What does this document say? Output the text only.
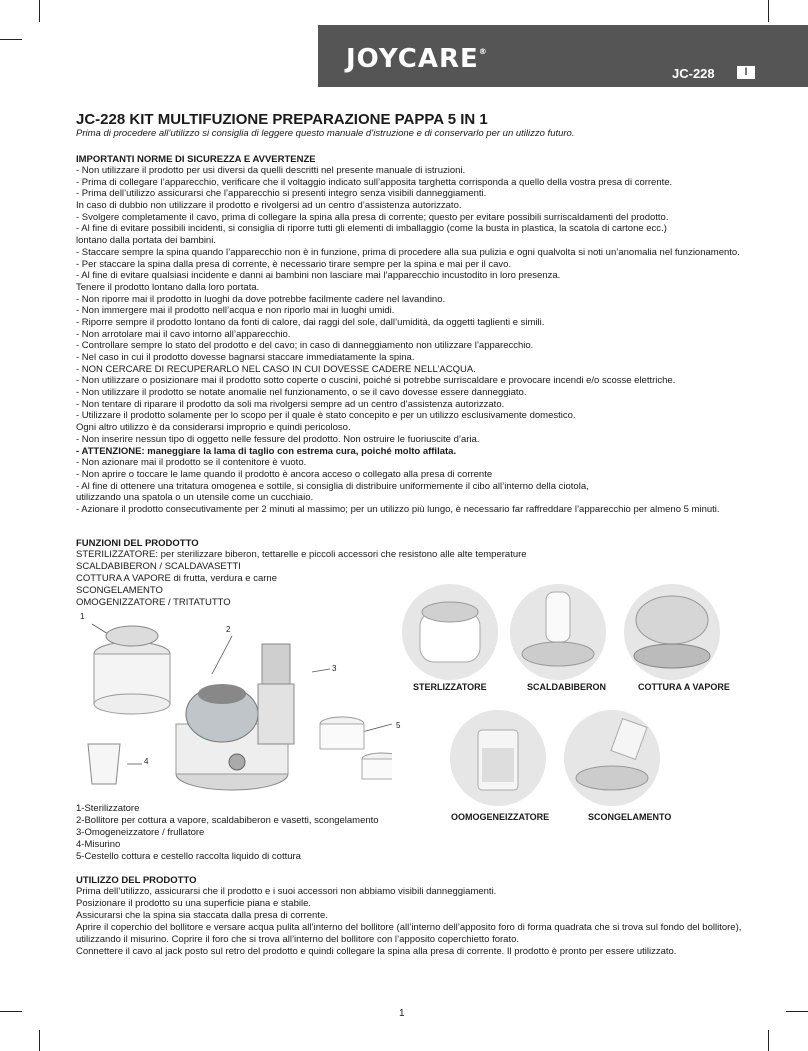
JOYCARE®
JC-228	I
JC-228 KIT MULTIFUZIONE PREPARAZIONE PAPPA 5 IN 1
Prima di procedere all’utilizzo si consiglia di leggere questo manuale d’istruzione e di conservarlo per un utilizzo futuro.
IMPORTANTI NORME DI SICUREZZA E AVVERTENZE
- Non utilizzare il prodotto per usi diversi da quelli descritti nel presente manuale di istruzioni.
- Prima di collegare l’apparecchio, verificare che il voltaggio indicato sull’apposita targhetta corrisponda a quello della vostra presa di corrente.
- Prima dell’utilizzo assicurarsi che l’apparecchio si presenti integro senza visibili danneggiamenti.
In caso di dubbio non utilizzare il prodotto e rivolgersi ad un centro d’assistenza autorizzato.
- Svolgere completamente il cavo, prima di collegare la spina alla presa di corrente; questo per evitare possibili surriscaldamenti del prodotto.
- Al fine di evitare possibili incidenti, si consiglia di riporre tutti gli elementi di imballaggio (come la busta in plastica, la scatola di cartone ecc.)
lontano dalla portata dei bambini.
- Staccare sempre la spina quando l’apparecchio non è in funzione, prima di procedere alla sua pulizia e ogni qualvolta si noti un’anomalia nel funzionamento.
- Per staccare la spina dalla presa di corrente, è necessario tirare sempre per la spina e mai per il cavo.
- Al fine di evitare qualsiasi incidente e danni ai bambini non lasciare mai l’apparecchio incustodito in loro presenza.
Tenere il prodotto lontano dalla loro portata.
- Non riporre mai il prodotto in luoghi da dove potrebbe facilmente cadere nel lavandino.
- Non immergere mai il prodotto nell’acqua e non riporlo mai in luoghi umidi.
- Riporre sempre il prodotto lontano da fonti di calore, dai raggi del sole, dall’umidità, da oggetti taglienti e simili.
- Non arrotolare mai il cavo intorno all’apparecchio.
- Controllare sempre lo stato del prodotto e del cavo; in caso di danneggiamento non utilizzare l’apparecchio.
- Nel caso in cui il prodotto dovesse bagnarsi staccare immediatamente la spina.
- NON CERCARE DI RECUPERARLO NEL CASO IN CUI DOVESSE CADERE NELL’ACQUA.
- Non utilizzare o posizionare mai il prodotto sotto coperte o cuscini, poiché si potrebbe surriscaldare e provocare incendi e/o scosse elettriche.
- Non utilizzare il prodotto se notate anomalie nel funzionamento, o se il cavo dovesse essere danneggiato.
- Non tentare di riparare il prodotto da soli ma rivolgersi sempre ad un centro d’assistenza autorizzato.
- Utilizzare il prodotto solamente per lo scopo per il quale è stato concepito e per un utilizzo esclusivamente domestico.
Ogni altro utilizzo è da considerarsi improprio e quindi pericoloso.
- Non inserire nessun tipo di oggetto nelle fessure del prodotto. Non ostruire le fuoriuscite d’aria.
- ATTENZIONE: maneggiare la lama di taglio con estrema cura, poiché molto affilata.
- Non azionare mai il prodotto se il contenitore è vuoto.
- Non aprire o toccare le lame quando il prodotto è ancora acceso o collegato alla presa di corrente
- Al fine di ottenere una tritatura omogenea e sottile, si consiglia di distribuire uniformemente il cibo all’interno della ciotola,
utilizzando una spatola o un utensile come un cucchiaio.
- Azionare il prodotto consecutivamente per 2 minuti al massimo; per un utilizzo più lungo, è necessario far raffreddare l’apparecchio per almeno 5 minuti.
FUNZIONI DEL PRODOTTO
STERILIZZATORE: per sterilizzare biberon, tettarelle e piccoli accessori che resistono alle alte temperature
SCALDABIBERON / SCALDAVASETTI
COTTURA A VAPORE di frutta, verdura e carne
SCONGELAMENTO
OMOGENIZZATORE / TRITATUTTO
1
2
3
4
5
STERLIZZATORE	SCALDABIBERON	COTTURA A VAPORE
OOMOGENEIZZATORE	SCONGELAMENTO
1-Sterilizzatore
2-Bollitore per cottura a vapore, scaldabiberon e vasetti, scongelamento
3-Omogeneizzatore / frullatore
4-Misurino
5-Cestello cottura e cestello raccolta liquido di cottura
UTILIZZO DEL PRODOTTO
Prima dell’utilizzo, assicurarsi che il prodotto e i suoi accessori non abbiamo visibili danneggiamenti.
Posizionare il prodotto su una superficie piana e stabile.
Assicurarsi che la spina sia staccata dalla presa di corrente.
Aprire il coperchio del bollitore e versare acqua pulita all’interno del bollitore (all’interno dell’apposito foro di forma quadrata che si trova sul fondo del bollitore),
utilizzando il misurino. Coprire il foro che si trova all’interno del bollitore con l’apposito coperchietto forato.
Connettere il cavo al jack posto sul retro del prodotto e quindi collegare la spina alla presa di corrente. Il prodotto è pronto per essere utilizzato.
1
